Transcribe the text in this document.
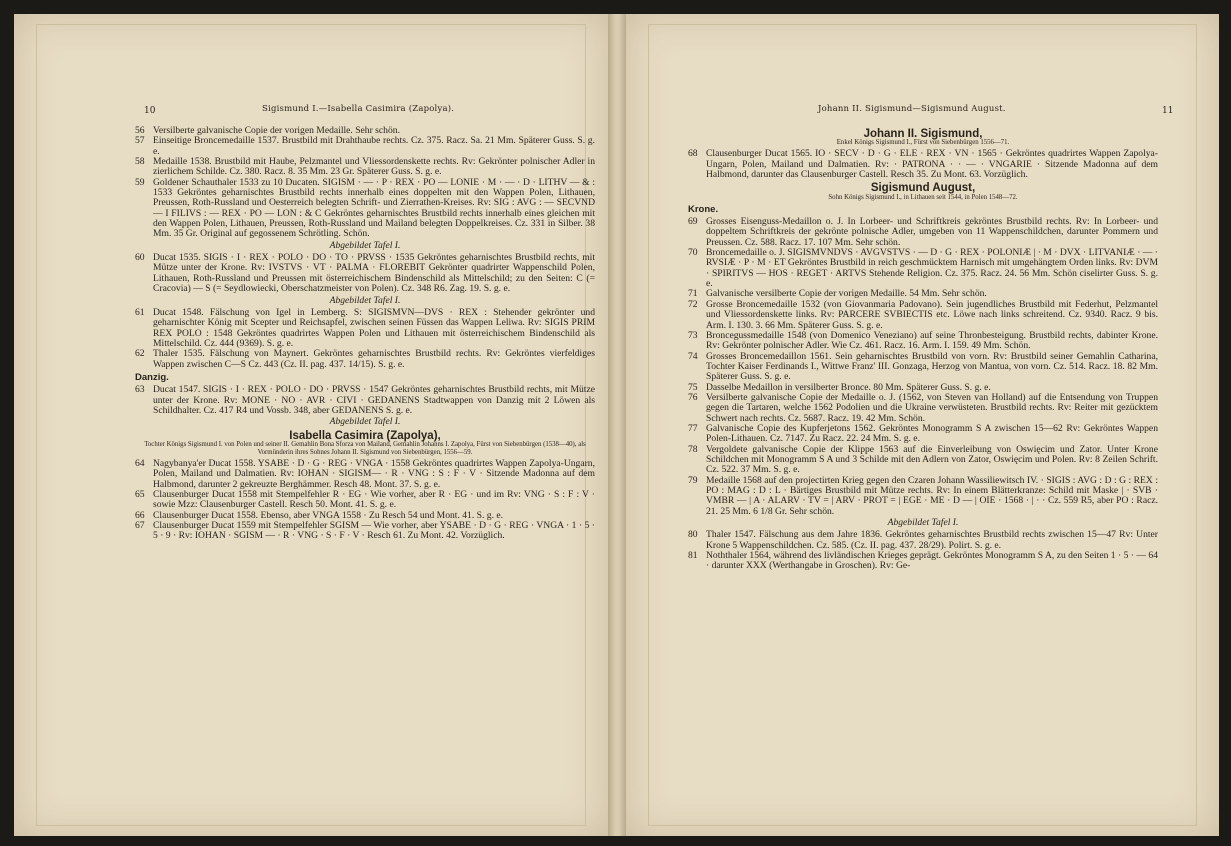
10	Sigismund I.—Isabella Casimira (Zapolya).

56 Versilberte galvanische Copie der vorigen Medaille. Sehr schön.

57 Einseitige Broncemedaille 1537. Brustbild mit Drahthaube rechts. Cz. 375. Racz. Sa. 21 Mm. Späterer Guss. S. g. e.

58 Medaille 1538. Brustbild mit Haube, Pelzmantel und Vliessordenskette rechts. Rv: Gekrönter polnischer Adler in zierlichem Schilde. Cz. 380. Racz. 8. 35 Mm. 23 Gr. Späterer Guss. S. g. e.

59 Goldener Schauthaler 1533 zu 10 Ducaten. SIGISM · — · P · REX · PO — LONIE · M · — · D · LITHV — & : 1533 Gekröntes geharnischtes Brustbild rechts innerhalb eines doppelten mit den Wappen Polen, Lithauen, Preussen, Roth-Russland und Oesterreich belegten Schrift- und Zierrathen-Kreises. Rv: SIG : AVG : — SECVND — I FILIVS : — REX · PO — LON : & C Gekröntes geharnischtes Brustbild rechts innerhalb eines gleichen mit den Wappen Polen, Lithauen, Preussen, Roth-Russland und Mailand belegten Doppelkreises. Cz. 331 in Silber. 38 Mm. 35 Gr. Original auf gegossenem Schrötling. Schön.

Abgebildet Tafel I.

60 Ducat 1535. SIGIS · I · REX · POLO · DO · TO · PRVSS · 1535 Gekröntes geharnischtes Brustbild rechts, mit Mütze unter der Krone. Rv: IVSTVS · VT · PALMA · FLOREBIT Gekrönter quadrirter Wappenschild Polen, Lithauen, Roth-Russland und Preussen mit österreichischem Bindenschild als Mittelschild; zu den Seiten: C (= Cracovia) — S (= Seydlowiecki, Oberschatzmeister von Polen). Cz. 348 R6. Zag. 19. S. g. e.

Abgebildet Tafel I.

61 Ducat 1548. Fälschung von Igel in Lemberg. S: SIGISMVN—DVS · REX : Stehender gekrönter und geharnischter König mit Scepter und Reichsapfel, zwischen seinen Füssen das Wappen Leliwa. Rv: SIGIS PRIM REX POLO : 1548 Gekröntes quadrirtes Wappen Polen und Lithauen mit österreichischem Bindenschild als Mittelschild. Cz. 444 (9369). S. g. e.

62 Thaler 1535. Fälschung von Maynert. Gekröntes geharnischtes Brustbild rechts. Rv: Gekröntes vierfeldiges Wappen zwischen C—S Cz. 443 (Cz. II. pag. 437. 14/15). S. g. e.

Danzig.

63 Ducat 1547. SIGIS · I · REX · POLO · DO · PRVSS · 1547 Gekröntes geharnischtes Brustbild rechts, mit Mütze unter der Krone. Rv: MONE · NO · AVR · CIVI · GEDANENS Stadtwappen von Danzig mit 2 Löwen als Schildhalter. Cz. 417 R4 und Vossb. 348, aber GEDANENS S. g. e.

Abgebildet Tafel I.
Isabella Casimira (Zapolya),
Tochter Königs Sigismund I. von Polen und seiner II. Gemahlin Bona Sforza von Mailand, Gemahlin Johanns I. Zapolya, Fürst von Siebenbürgen (1538—40), als Vormünderin ihres Sohnes Johann II. Sigismund von Siebenbürgen, 1556—59.

64 Nagybanya'er Ducat 1558. YSABE · D · G · REG · VNGA · 1558 Gekröntes quadrirtes Wappen Zapolya-Ungarn, Polen, Mailand und Dalmatien. Rv: IOHAN · SIGISM— · R · VNG : S : F · V · Sitzende Madonna auf dem Halbmond, darunter 2 gekreuzte Berghämmer. Resch 48. Mont. 37. S. g. e.

65 Clausenburger Ducat 1558 mit Stempelfehler R · EG · Wie vorher, aber R · EG · und im Rv: VNG · S : F : V · sowie Mzz: Clausenburger Castell. Resch 50. Mont. 41. S. g. e.

66 Clausenburger Ducat 1558. Ebenso, aber VNGA 1558 · Zu Resch 54 und Mont. 41. S. g. e.

67 Clausenburger Ducat 1559 mit Stempelfehler SGISM — Wie vorher, aber YSABE · D · G · REG · VNGA · 1 · 5 · 5 · 9 · Rv: IOHAN · SGISM — · R · VNG · S · F · V · Resch 61. Zu Mont. 42. Vorzüglich.

Johann II. Sigismund—Sigismund August.	11
Johann II. Sigismund,
Enkel Königs Sigismund I., Fürst von Siebenbürgen 1556—71.

68 Clausenburger Ducat 1565. IO · SECV · D · G · ELE · REX · VN · 1565 · Gekröntes quadrirtes Wappen Zapolya-Ungarn, Polen, Mailand und Dalmatien. Rv: · PATRONA · · — · VNGARIE · Sitzende Madonna auf dem Halbmond, darunter das Clausenburger Castell. Resch 35. Zu Mont. 63. Vorzüglich.

Sigismund August,
Sohn Königs Sigismund I., in Lithauen seit 1544, in Polen 1548—72.
Krone.

69 Grosses Eisenguss-Medaillon o. J. In Lorbeer- und Schriftkreis gekröntes Brustbild rechts. Rv: In Lorbeer- und doppeltem Schriftkreis der gekrönte polnische Adler, umgeben von 11 Wappenschildchen, darunter Pommern und Preussen. Cz. 588. Racz. 17. 107 Mm. Sehr schön.

70 Broncemedaille o. J. SIGISMVNDVS · AVGVSTVS · — D · G · REX · POLONIÆ | · M · DVX · LITVANIÆ · — · RVSIÆ · P · M · ET Gekröntes Brustbild in reich geschmücktem Harnisch mit umgehängtem Orden links. Rv: DVM · SPIRITVS — HOS · REGET · ARTVS Stehende Religion. Cz. 375. Racz. 24. 56 Mm. Schön ciselirter Guss. S. g. e.

71 Galvanische versilberte Copie der vorigen Medaille. 54 Mm. Sehr schön.

72 Grosse Broncemedaille 1532 (von Giovanmaria Padovano). Sein jugendliches Brustbild mit Federhut, Pelzmantel und Vliessordenskette links. Rv: PARCERE SVBIECTIS etc. Löwe nach links schreitend. Cz. 9340. Racz. 9 bis. Arm. I. 130. 3. 66 Mm. Späterer Guss. S. g. e.

73 Broncegussmedaille 1548 (von Domenico Veneziano) auf seine Thronbesteigung. Brustbild rechts, dabinter Krone. Rv: Gekrönter polnischer Adler. Wie Cz. 461. Racz. 16. Arm. I. 159. 49 Mm. Schön.

74 Grosses Broncemedaillon 1561. Sein geharnischtes Brustbild von vorn. Rv: Brustbild seiner Gemahlin Catharina, Tochter Kaiser Ferdinands I., Wittwe Franz' III. Gonzaga, Herzog von Mantua, von vorn. Cz. 514. Racz. 18. 82 Mm. Späterer Guss. S. g. e.

75 Dasselbe Medaillon in versilberter Bronce. 80 Mm. Späterer Guss. S. g. e.

76 Versilberte galvanische Copie der Medaille o. J. (1562, von Steven van Holland) auf die Entsendung von Truppen gegen die Tartaren, welche 1562 Podolien und die Ukraine verwüsteten. Brustbild rechts. Rv: Reiter mit gezücktem Schwert nach rechts. Cz. 5687. Racz. 19. 42 Mm. Schön.

77 Galvanische Copie des Kupferjetons 1562. Gekröntes Monogramm S A zwischen 15—62 Rv: Gekröntes Wappen Polen-Lithauen. Cz. 7147. Zu Racz. 22. 24 Mm. S. g. e.

78 Vergoldete galvanische Copie der Klippe 1563 auf die Einverleibung von Oswięcim und Zator. Unter Krone Schildchen mit Monogramm S A und 3 Schilde mit den Adlern von Zator, Oswięcim und Polen. Rv: 8 Zeilen Schrift. Cz. 522. 37 Mm. S. g. e.

79 Medaille 1568 auf den projectirten Krieg gegen den Czaren Johann Wassiliewitsch IV. · SIGIS : AVG : D : G : REX : PO : MAG : D : L · Bärtiges Brustbild mit Mütze rechts. Rv: In einem Blätterkranze: Schild mit Maske | · SVB · VMBR — | A · ALARV · TV = | ARV · PROT = | EGE · ME · D — | OIE · 1568 · | · · Cz. 559 R5, aber PO : Racz. 21. 25 Mm. 6 1/8 Gr. Sehr schön.

Abgebildet Tafel I.

80 Thaler 1547. Fälschung aus dem Jahre 1836. Gekröntes geharnischtes Brustbild rechts zwischen 15—47 Rv: Unter Krone 5 Wappenschildchen. Cz. 585. (Cz. II. pag. 437. 28/29). Polirt. S. g. e.

81 Noththaler 1564, während des livländischen Krieges geprägt. Gekröntes Monogramm S A, zu den Seiten 1 · 5 · — 64 · darunter XXX (Werthangabe in Groschen). Rv: Ge-
